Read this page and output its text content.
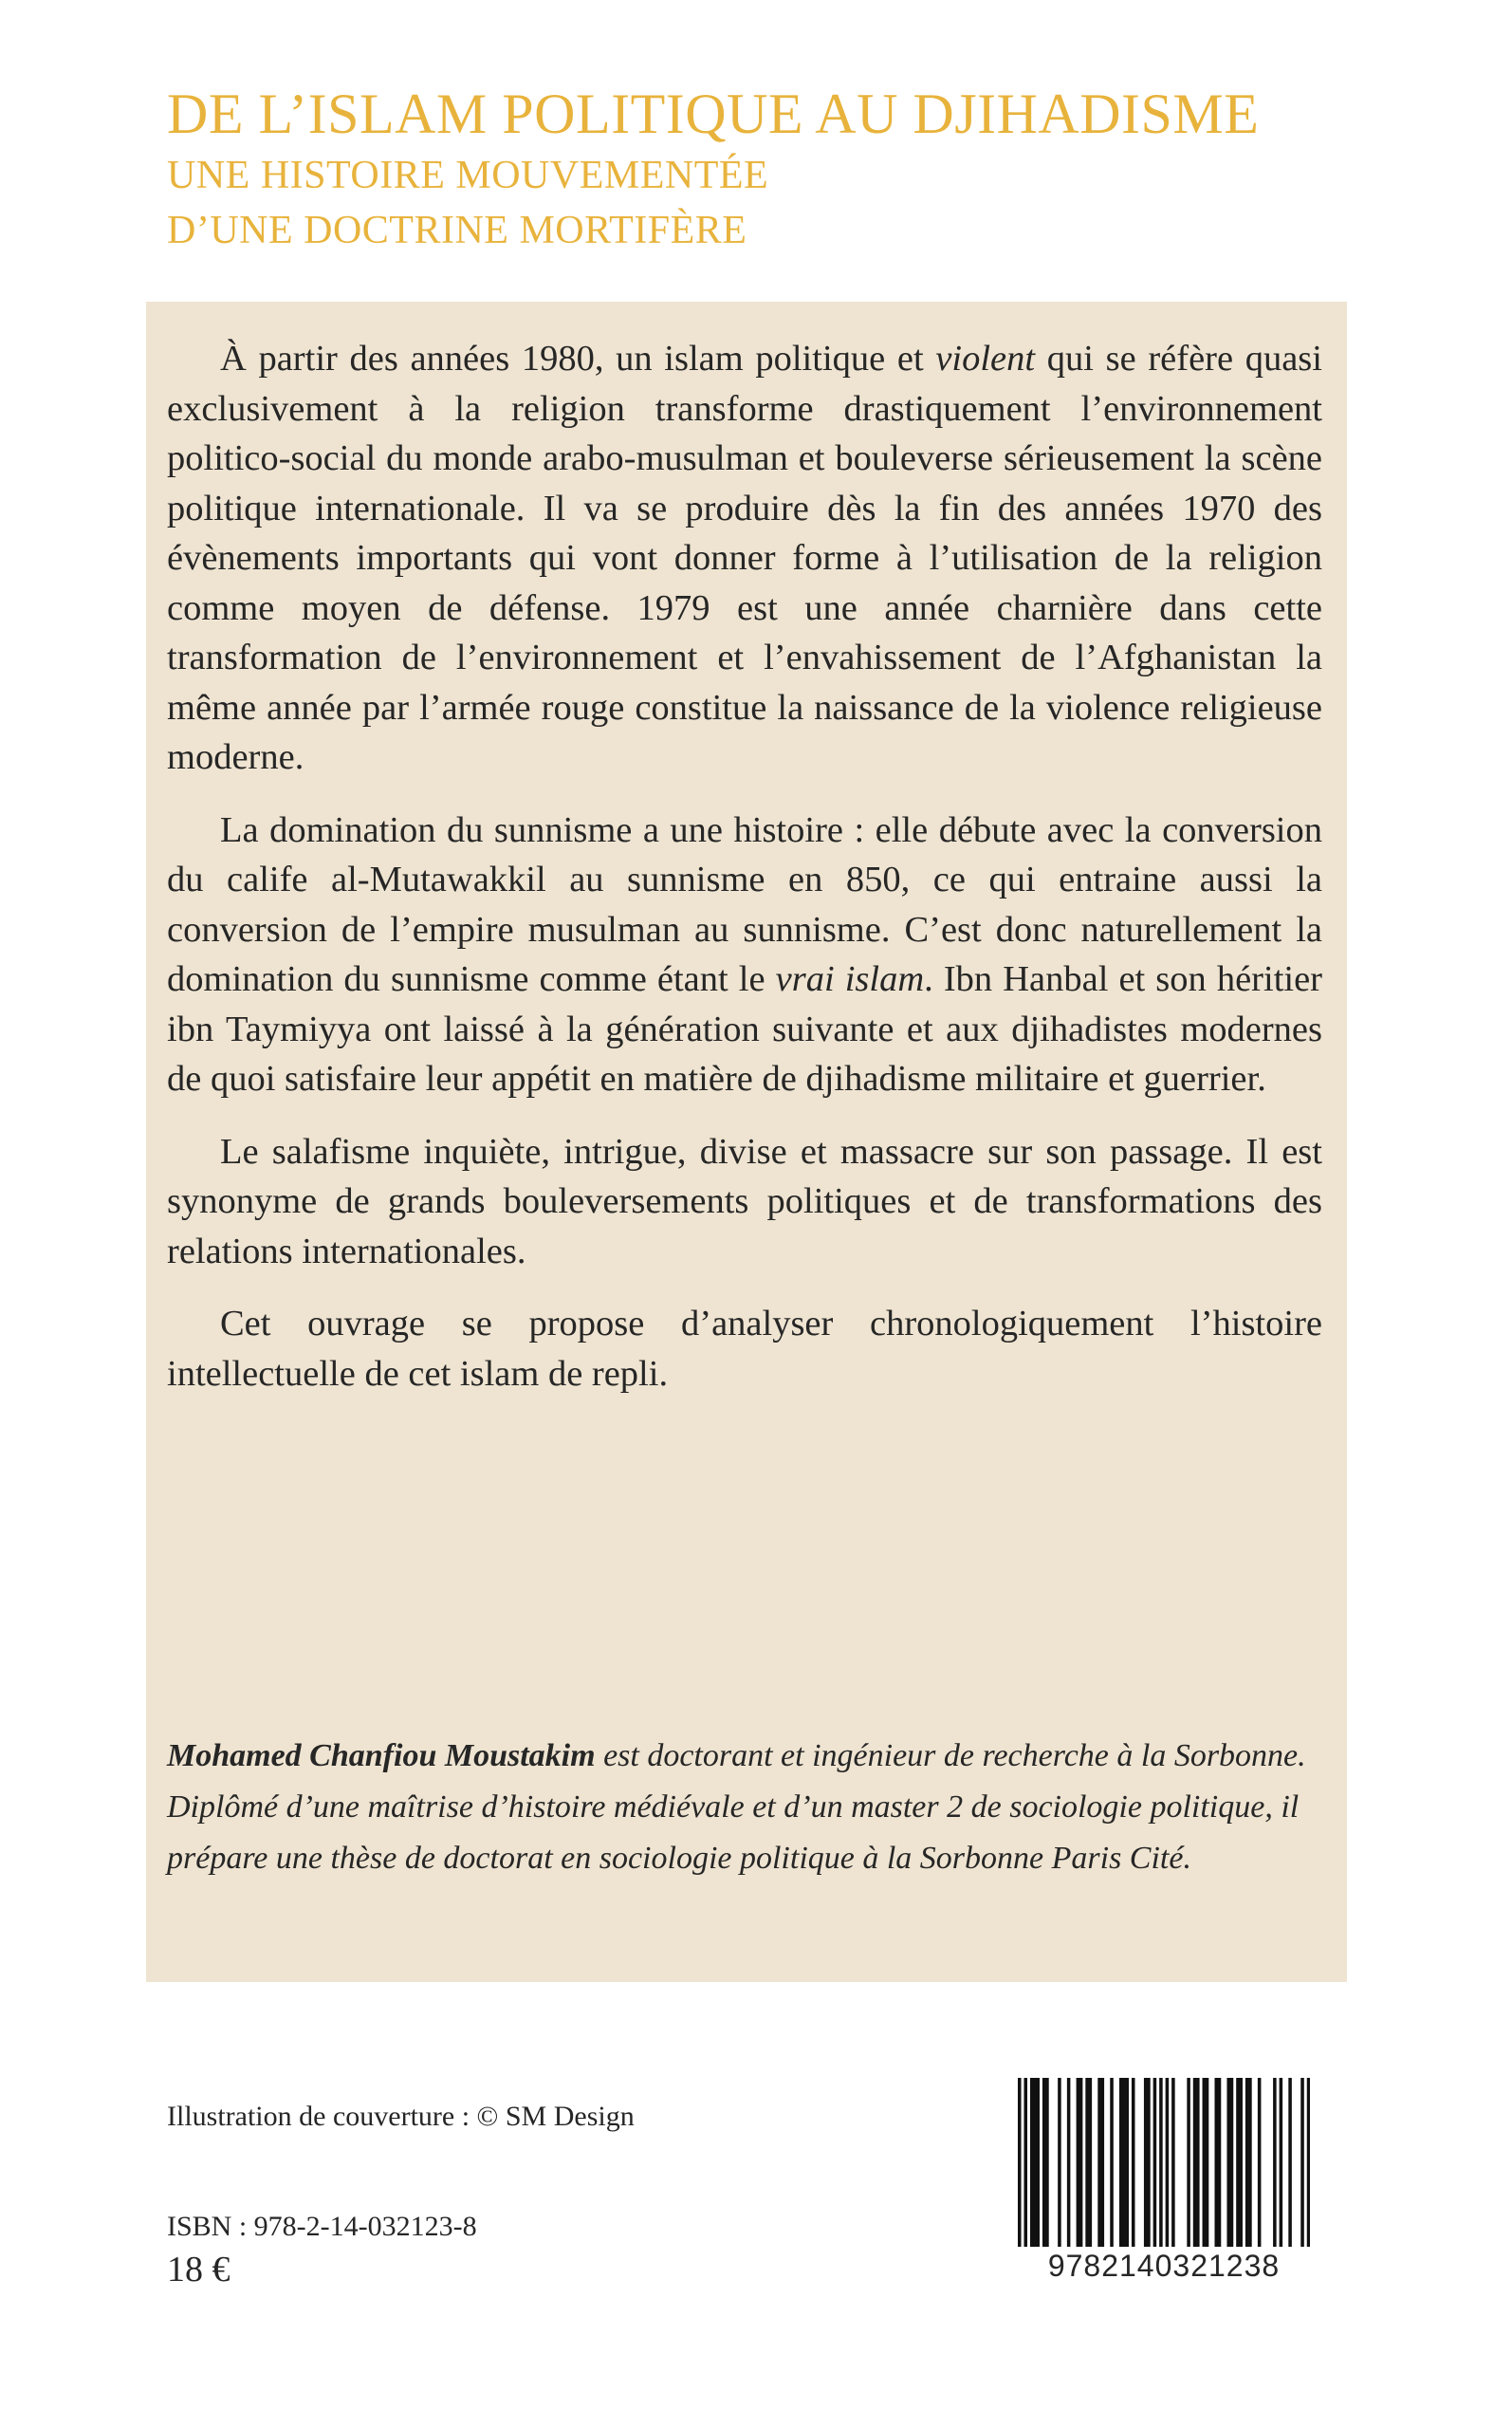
DE L’ISLAM POLITIQUE AU DJIHADISME
UNE HISTOIRE MOUVEMENTÉE
D’UNE DOCTRINE MORTIFÈRE

À partir des années 1980, un islam politique et violent qui se réfère quasi exclusivement à la religion transforme drastiquement l’environnement politico-social du monde arabo-musulman et bouleverse sérieusement la scène politique internationale. Il va se produire dès la fin des années 1970 des évènements importants qui vont donner forme à l’utilisation de la religion comme moyen de défense. 1979 est une année charnière dans cette transformation de l’environnement et l’envahissement de l’Afghanistan la même année par l’armée rouge constitue la naissance de la violence religieuse moderne.

La domination du sunnisme a une histoire : elle débute avec la conversion du calife al-Mutawakkil au sunnisme en 850, ce qui entraine aussi la conversion de l’empire musulman au sunnisme. C’est donc naturellement la domination du sunnisme comme étant le vrai islam. Ibn Hanbal et son héritier ibn Taymiyya ont laissé à la génération suivante et aux djihadistes modernes de quoi satisfaire leur appétit en matière de djihadisme militaire et guerrier.

Le salafisme inquiète, intrigue, divise et massacre sur son passage. Il est synonyme de grands bouleversements politiques et de transformations des relations internationales.

Cet ouvrage se propose d’analyser chronologiquement l’histoire intellectuelle de cet islam de repli.

Mohamed Chanfiou Moustakim est doctorant et ingénieur de recherche à la Sorbonne. Diplômé d’une maîtrise d’histoire médiévale et d’un master 2 de sociologie politique, il prépare une thèse de doctorat en sociologie politique à la Sorbonne Paris Cité.

Illustration de couverture : © SM Design
ISBN : 978-2-14-032123-8
18 €	9782140321238
